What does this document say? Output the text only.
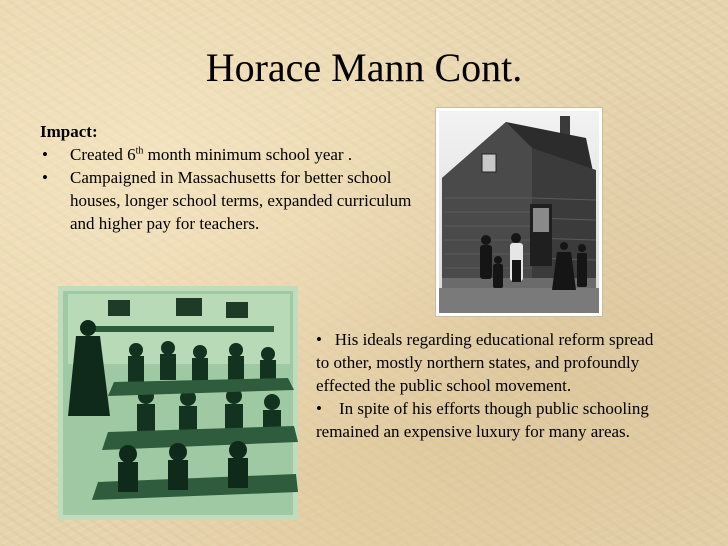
Horace Mann Cont.
Impact:
• Created 6th month minimum school year .
• Campaigned in Massachusetts for better school houses, longer school terms, expanded curriculum and higher pay for teachers.
• His ideals regarding educational reform spread to other, mostly northern states, and profoundly effected the public school movement.
• In spite of his efforts though public schooling remained an expensive luxury for many areas.
